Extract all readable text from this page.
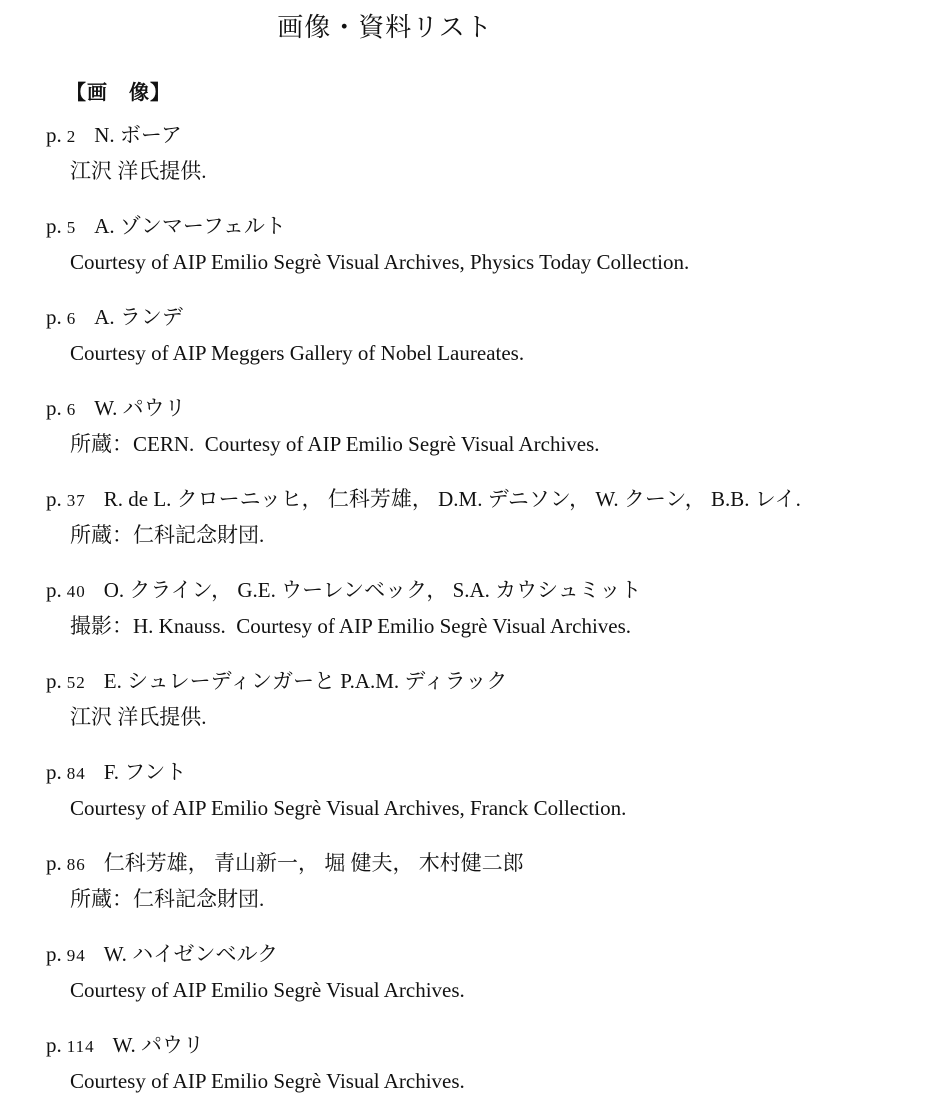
画像・資料リスト
【画　像】
p. 2 N. ボーア
江沢 洋氏提供.
p. 5 A. ゾンマーフェルト
Courtesy of AIP Emilio Segrè Visual Archives, Physics Today Collection.
p. 6 A. ランデ
Courtesy of AIP Meggers Gallery of Nobel Laureates.
p. 6 W. パウリ
所蔵：CERN.  Courtesy of AIP Emilio Segrè Visual Archives.
p. 37 R. de L. クローニッヒ， 仁科芳雄， D.M. デニソン， W. クーン， B.B. レイ.
所蔵：仁科記念財団.
p. 40 O. クライン， G.E. ウーレンベック， S.A. カウシュミット
撮影：H. Knauss.  Courtesy of AIP Emilio Segrè Visual Archives.
p. 52 E. シュレーディンガーと P.A.M. ディラック
江沢 洋氏提供.
p. 84 F. フント
Courtesy of AIP Emilio Segrè Visual Archives, Franck Collection.
p. 86 仁科芳雄， 青山新一， 堀 健夫， 木村健二郎
所蔵：仁科記念財団.
p. 94 W. ハイゼンベルク
Courtesy of AIP Emilio Segrè Visual Archives.
p. 114 W. パウリ
Courtesy of AIP Emilio Segrè Visual Archives.
